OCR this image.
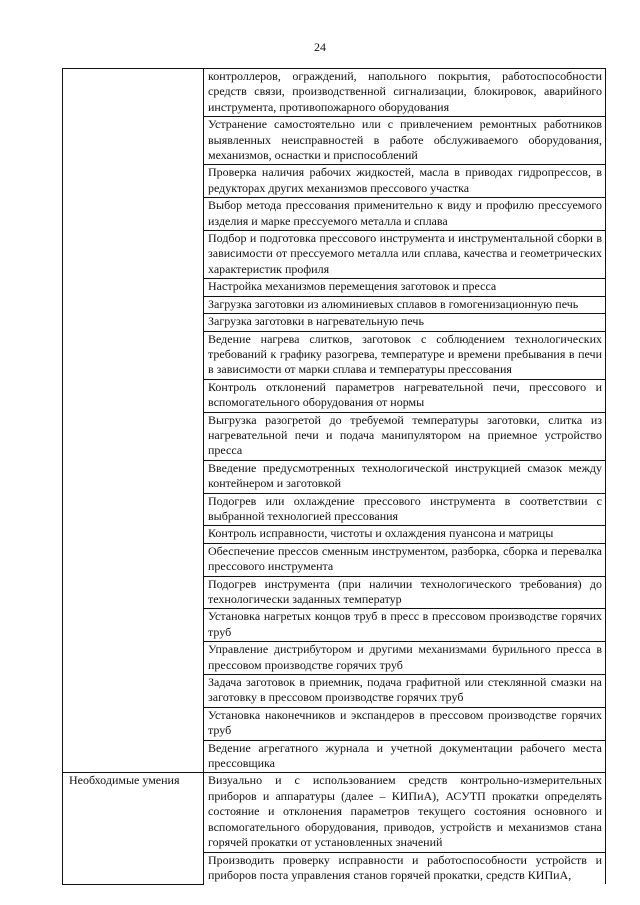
24
	контроллеров, ограждений, напольного покрытия, работоспособности средств связи, производственной сигнализации, блокировок, аварийного инструмента, противопожарного оборудования
	Устранение самостоятельно или с привлечением ремонтных работников выявленных неисправностей в работе обслуживаемого оборудования, механизмов, оснастки и приспособлений
	Проверка наличия рабочих жидкостей, масла в приводах гидропрессов, в редукторах других механизмов прессового участка
	Выбор метода прессования применительно к виду и профилю прессуемого изделия и марке прессуемого металла и сплава
	Подбор и подготовка прессового инструмента и инструментальной сборки в зависимости от прессуемого металла или сплава, качества и геометрических характеристик профиля
	Настройка механизмов перемещения заготовок и пресса
	Загрузка заготовки из алюминиевых сплавов в гомогенизационную печь
	Загрузка заготовки в нагревательную печь
	Ведение нагрева слитков, заготовок с соблюдением технологических требований к графику разогрева, температуре и времени пребывания в печи в зависимости от марки сплава и температуры прессования
	Контроль отклонений параметров нагревательной печи, прессового и вспомогательного оборудования от нормы
	Выгрузка разогретой до требуемой температуры заготовки, слитка из нагревательной печи и подача манипулятором на приемное устройство пресса
	Введение предусмотренных технологической инструкцией смазок между контейнером и заготовкой
	Подогрев или охлаждение прессового инструмента в соответствии с выбранной технологией прессования
	Контроль исправности, чистоты и охлаждения пуансона и матрицы
	Обеспечение прессов сменным инструментом, разборка, сборка и перевалка прессового инструмента
	Подогрев инструмента (при наличии технологического требования) до технологически заданных температур
	Установка нагретых концов труб в пресс в прессовом производстве горячих труб
	Управление дистрибутором и другими механизмами бурильного пресса в прессовом производстве горячих труб
	Задача заготовок в приемник, подача графитной или стеклянной смазки на заготовку в прессовом производстве горячих труб
	Установка наконечников и экспандеров в прессовом производстве горячих труб
	Ведение агрегатного журнала и учетной документации рабочего места прессовщика
Необходимые умения	Визуально и с использованием средств контрольно-измерительных приборов и аппаратуры (далее – КИПиА), АСУТП прокатки определять состояние и отклонения параметров текущего состояния основного и вспомогательного оборудования, приводов, устройств и механизмов стана горячей прокатки от установленных значений
	Производить проверку исправности и работоспособности устройств и приборов поста управления станов горячей прокатки, средств КИПиА,
